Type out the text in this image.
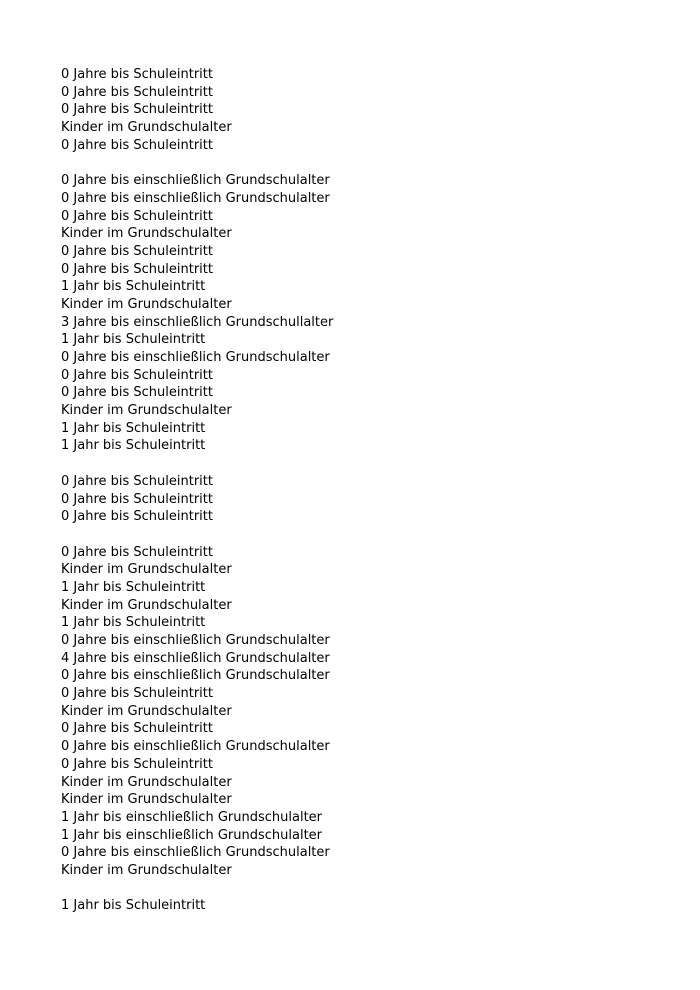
0 Jahre bis Schuleintritt
0 Jahre bis Schuleintritt
0 Jahre bis Schuleintritt
Kinder im Grundschulalter
0 Jahre bis Schuleintritt
0 Jahre bis einschließlich Grundschulalter
0 Jahre bis einschließlich Grundschulalter
0 Jahre bis Schuleintritt
Kinder im Grundschulalter
0 Jahre bis Schuleintritt
0 Jahre bis Schuleintritt
1 Jahr bis Schuleintritt
Kinder im Grundschulalter
3 Jahre bis einschließlich Grundschullalter
1 Jahr bis Schuleintritt
0 Jahre bis einschließlich Grundschulalter
0 Jahre bis Schuleintritt
0 Jahre bis Schuleintritt
Kinder im Grundschulalter
1 Jahr bis Schuleintritt
1 Jahr bis Schuleintritt
0 Jahre bis Schuleintritt
0 Jahre bis Schuleintritt
0 Jahre bis Schuleintritt
0 Jahre bis Schuleintritt
Kinder im Grundschulalter
1 Jahr bis Schuleintritt
Kinder im Grundschulalter
1 Jahr bis Schuleintritt
0 Jahre bis einschließlich Grundschulalter
4 Jahre bis einschließlich Grundschulalter
0 Jahre bis einschließlich Grundschulalter
0 Jahre bis Schuleintritt
Kinder im Grundschulalter
0 Jahre bis Schuleintritt
0 Jahre bis einschließlich Grundschulalter
0 Jahre bis Schuleintritt
Kinder im Grundschulalter
Kinder im Grundschulalter
1 Jahr bis einschließlich Grundschulalter
1 Jahr bis einschließlich Grundschulalter
0 Jahre bis einschließlich Grundschulalter
Kinder im Grundschulalter
1 Jahr bis Schuleintritt
